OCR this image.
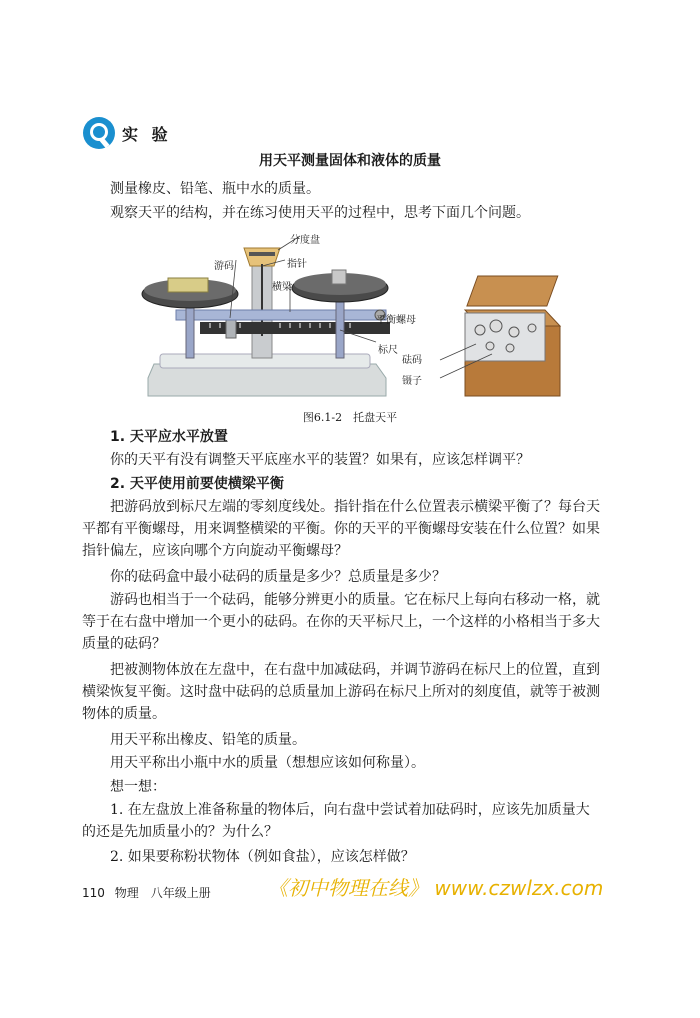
实 验
用天平测量固体和液体的质量
测量橡皮、铅笔、瓶中水的质量。
观察天平的结构，并在练习使用天平的过程中，思考下面几个问题。
分度盘
游码	指针
横梁
平衡螺母
标尺
砝码
镊子
图6.1-2　托盘天平
1. 天平应水平放置
你的天平有没有调整天平底座水平的装置？如果有，应该怎样调平？
2. 天平使用前要使横梁平衡
把游码放到标尺左端的零刻度线处。指针指在什么位置表示横梁平衡了？每台天平都有平衡螺母，用来调整横梁的平衡。你的天平的平衡螺母安装在什么位置？如果指针偏左，应该向哪个方向旋动平衡螺母？
你的砝码盒中最小砝码的质量是多少？总质量是多少？
游码也相当于一个砝码，能够分辨更小的质量。它在标尺上每向右移动一格，就等于在右盘中增加一个更小的砝码。在你的天平标尺上，一个这样的小格相当于多大质量的砝码？
把被测物体放在左盘中，在右盘中加减砝码，并调节游码在标尺上的位置，直到横梁恢复平衡。这时盘中砝码的总质量加上游码在标尺上所对的刻度值，就等于被测物体的质量。
用天平称出橡皮、铅笔的质量。
用天平称出小瓶中水的质量（想想应该如何称量）。
想一想：
1. 在左盘放上准备称量的物体后，向右盘中尝试着加砝码时，应该先加质量大的还是先加质量小的？为什么？
2. 如果要称粉状物体（例如食盐），应该怎样做？
110 物理　八年级上册	《初中物理在线》 www.czwlzx.com
